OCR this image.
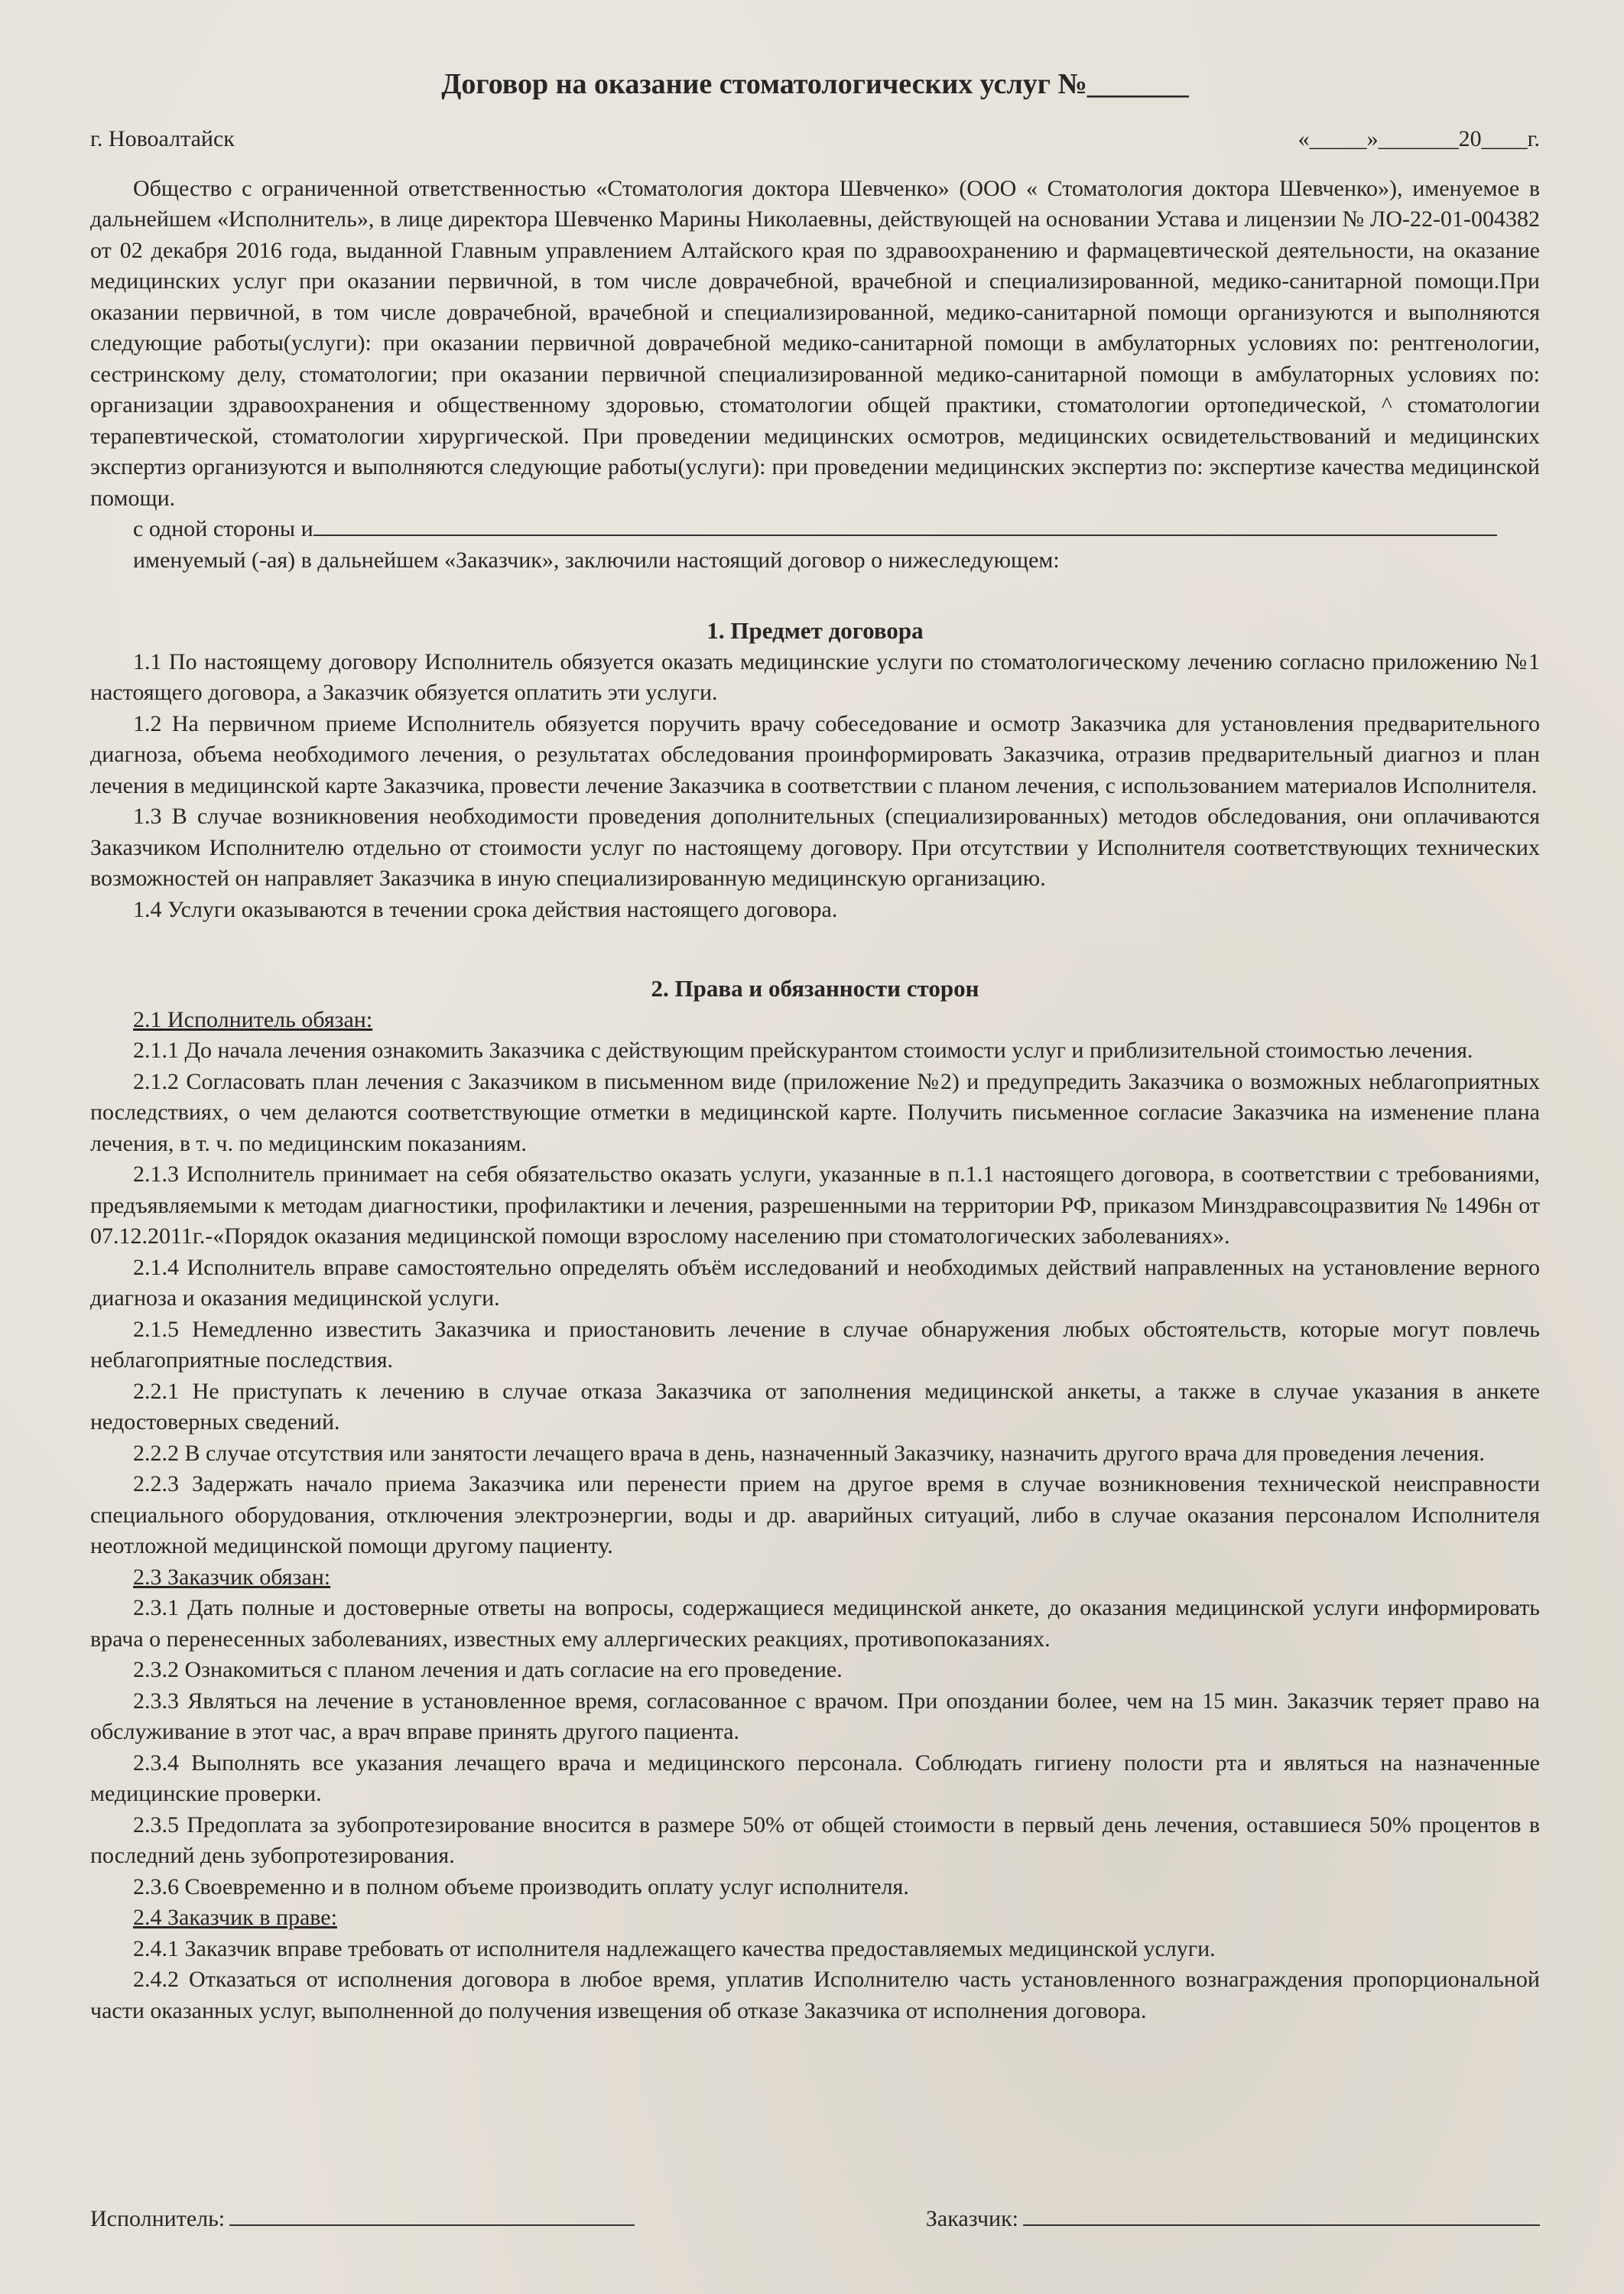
Договор на оказание стоматологических услуг №_______
г. Новоалтайск	«_____»_______20____г.

Общество с ограниченной ответственностью «Стоматология доктора Шевченко» (ООО « Стоматология доктора Шевченко»), именуемое в дальнейшем «Исполнитель», в лице директора Шевченко Марины Николаевны, действующей на основании Устава и лицензии № ЛО-22-01-004382 от 02 декабря 2016 года, выданной Главным управлением Алтайского края по здравоохранению и фармацевтической деятельности, на оказание медицинских услуг при оказании первичной, в том числе доврачебной, врачебной и специализированной, медико-санитарной помощи.При оказании первичной, в том числе доврачебной, врачебной и специализированной, медико-санитарной помощи организуются и выполняются следующие работы(услуги): при оказании первичной доврачебной медико-санитарной помощи в амбулаторных условиях по: рентгенологии, сестринскому делу, стоматологии; при оказании первичной специализированной медико-санитарной помощи в амбулаторных условиях по: организации здравоохранения и общественному здоровью, стоматологии общей практики, стоматологии ортопедической, ^ стоматологии терапевтической, стоматологии хирургической. При проведении медицинских осмотров, медицинских освидетельствований и медицинских экспертиз организуются и выполняются следующие работы(услуги): при проведении медицинских экспертиз по: экспертизе качества медицинской помощи.

с одной стороны и

именуемый (-ая) в дальнейшем «Заказчик», заключили настоящий договор о нижеследующем:

1. Предмет договора

1.1 По настоящему договору Исполнитель обязуется оказать медицинские услуги по стоматологическому лечению согласно приложению №1 настоящего договора, а Заказчик обязуется оплатить эти услуги.

1.2 На первичном приеме Исполнитель обязуется поручить врачу собеседование и осмотр Заказчика для установления предварительного диагноза, объема необходимого лечения, о результатах обследования проинформировать Заказчика, отразив предварительный диагноз и план лечения в медицинской карте Заказчика, провести лечение Заказчика в соответствии с планом лечения, с использованием материалов Исполнителя.

1.3 В случае возникновения необходимости проведения дополнительных (специализированных) методов обследования, они оплачиваются Заказчиком Исполнителю отдельно от стоимости услуг по настоящему договору. При отсутствии у Исполнителя соответствующих технических возможностей он направляет Заказчика в иную специализированную медицинскую организацию.

1.4 Услуги оказываются в течении срока действия настоящего договора.

2. Права и обязанности сторон

2.1 Исполнитель обязан:

2.1.1 До начала лечения ознакомить Заказчика с действующим прейскурантом стоимости услуг и приблизительной стоимостью лечения.

2.1.2 Согласовать план лечения с Заказчиком в письменном виде (приложение №2) и предупредить Заказчика о возможных неблагоприятных последствиях, о чем делаются соответствующие отметки в медицинской карте. Получить письменное согласие Заказчика на изменение плана лечения, в т. ч. по медицинским показаниям.

2.1.3 Исполнитель принимает на себя обязательство оказать услуги, указанные в п.1.1 настоящего договора, в соответствии с требованиями, предъявляемыми к методам диагностики, профилактики и лечения, разрешенными на территории РФ, приказом Минздравсоцразвития № 1496н от 07.12.2011г.-«Порядок оказания медицинской помощи взрослому населению при стоматологических заболеваниях».

2.1.4 Исполнитель вправе самостоятельно определять объём исследований и необходимых действий направленных на установление верного диагноза и оказания медицинской услуги.

2.1.5 Немедленно известить Заказчика и приостановить лечение в случае обнаружения любых обстоятельств, которые могут повлечь неблагоприятные последствия.

2.2.1 Не приступать к лечению в случае отказа Заказчика от заполнения медицинской анкеты, а также в случае указания в анкете недостоверных сведений.

2.2.2 В случае отсутствия или занятости лечащего врача в день, назначенный Заказчику, назначить другого врача для проведения лечения.

2.2.3 Задержать начало приема Заказчика или перенести прием на другое время в случае возникновения технической неисправности специального оборудования, отключения электроэнергии, воды и др. аварийных ситуаций, либо в случае оказания персоналом Исполнителя неотложной медицинской помощи другому пациенту.

2.3 Заказчик обязан:

2.3.1 Дать полные и достоверные ответы на вопросы, содержащиеся медицинской анкете, до оказания медицинской услуги информировать врача о перенесенных заболеваниях, известных ему аллергических реакциях, противопоказаниях.

2.3.2 Ознакомиться с планом лечения и дать согласие на его проведение.

2.3.3 Являться на лечение в установленное время, согласованное с врачом. При опоздании более, чем на 15 мин. Заказчик теряет право на обслуживание в этот час, а врач вправе принять другого пациента.

2.3.4 Выполнять все указания лечащего врача и медицинского персонала. Соблюдать гигиену полости рта и являться на назначенные медицинские проверки.

2.3.5 Предоплата за зубопротезирование вносится в размере 50% от общей стоимости в первый день лечения, оставшиеся 50% процентов в последний день зубопротезирования.

2.3.6 Своевременно и в полном объеме производить оплату услуг исполнителя.

2.4 Заказчик в праве:

2.4.1 Заказчик вправе требовать от исполнителя надлежащего качества предоставляемых медицинской услуги.

2.4.2 Отказаться от исполнения договора в любое время, уплатив Исполнителю часть установленного вознаграждения пропорциональной части оказанных услуг, выполненной до получения извещения об отказе Заказчика от исполнения договора.

Исполнитель:	Заказчик:
